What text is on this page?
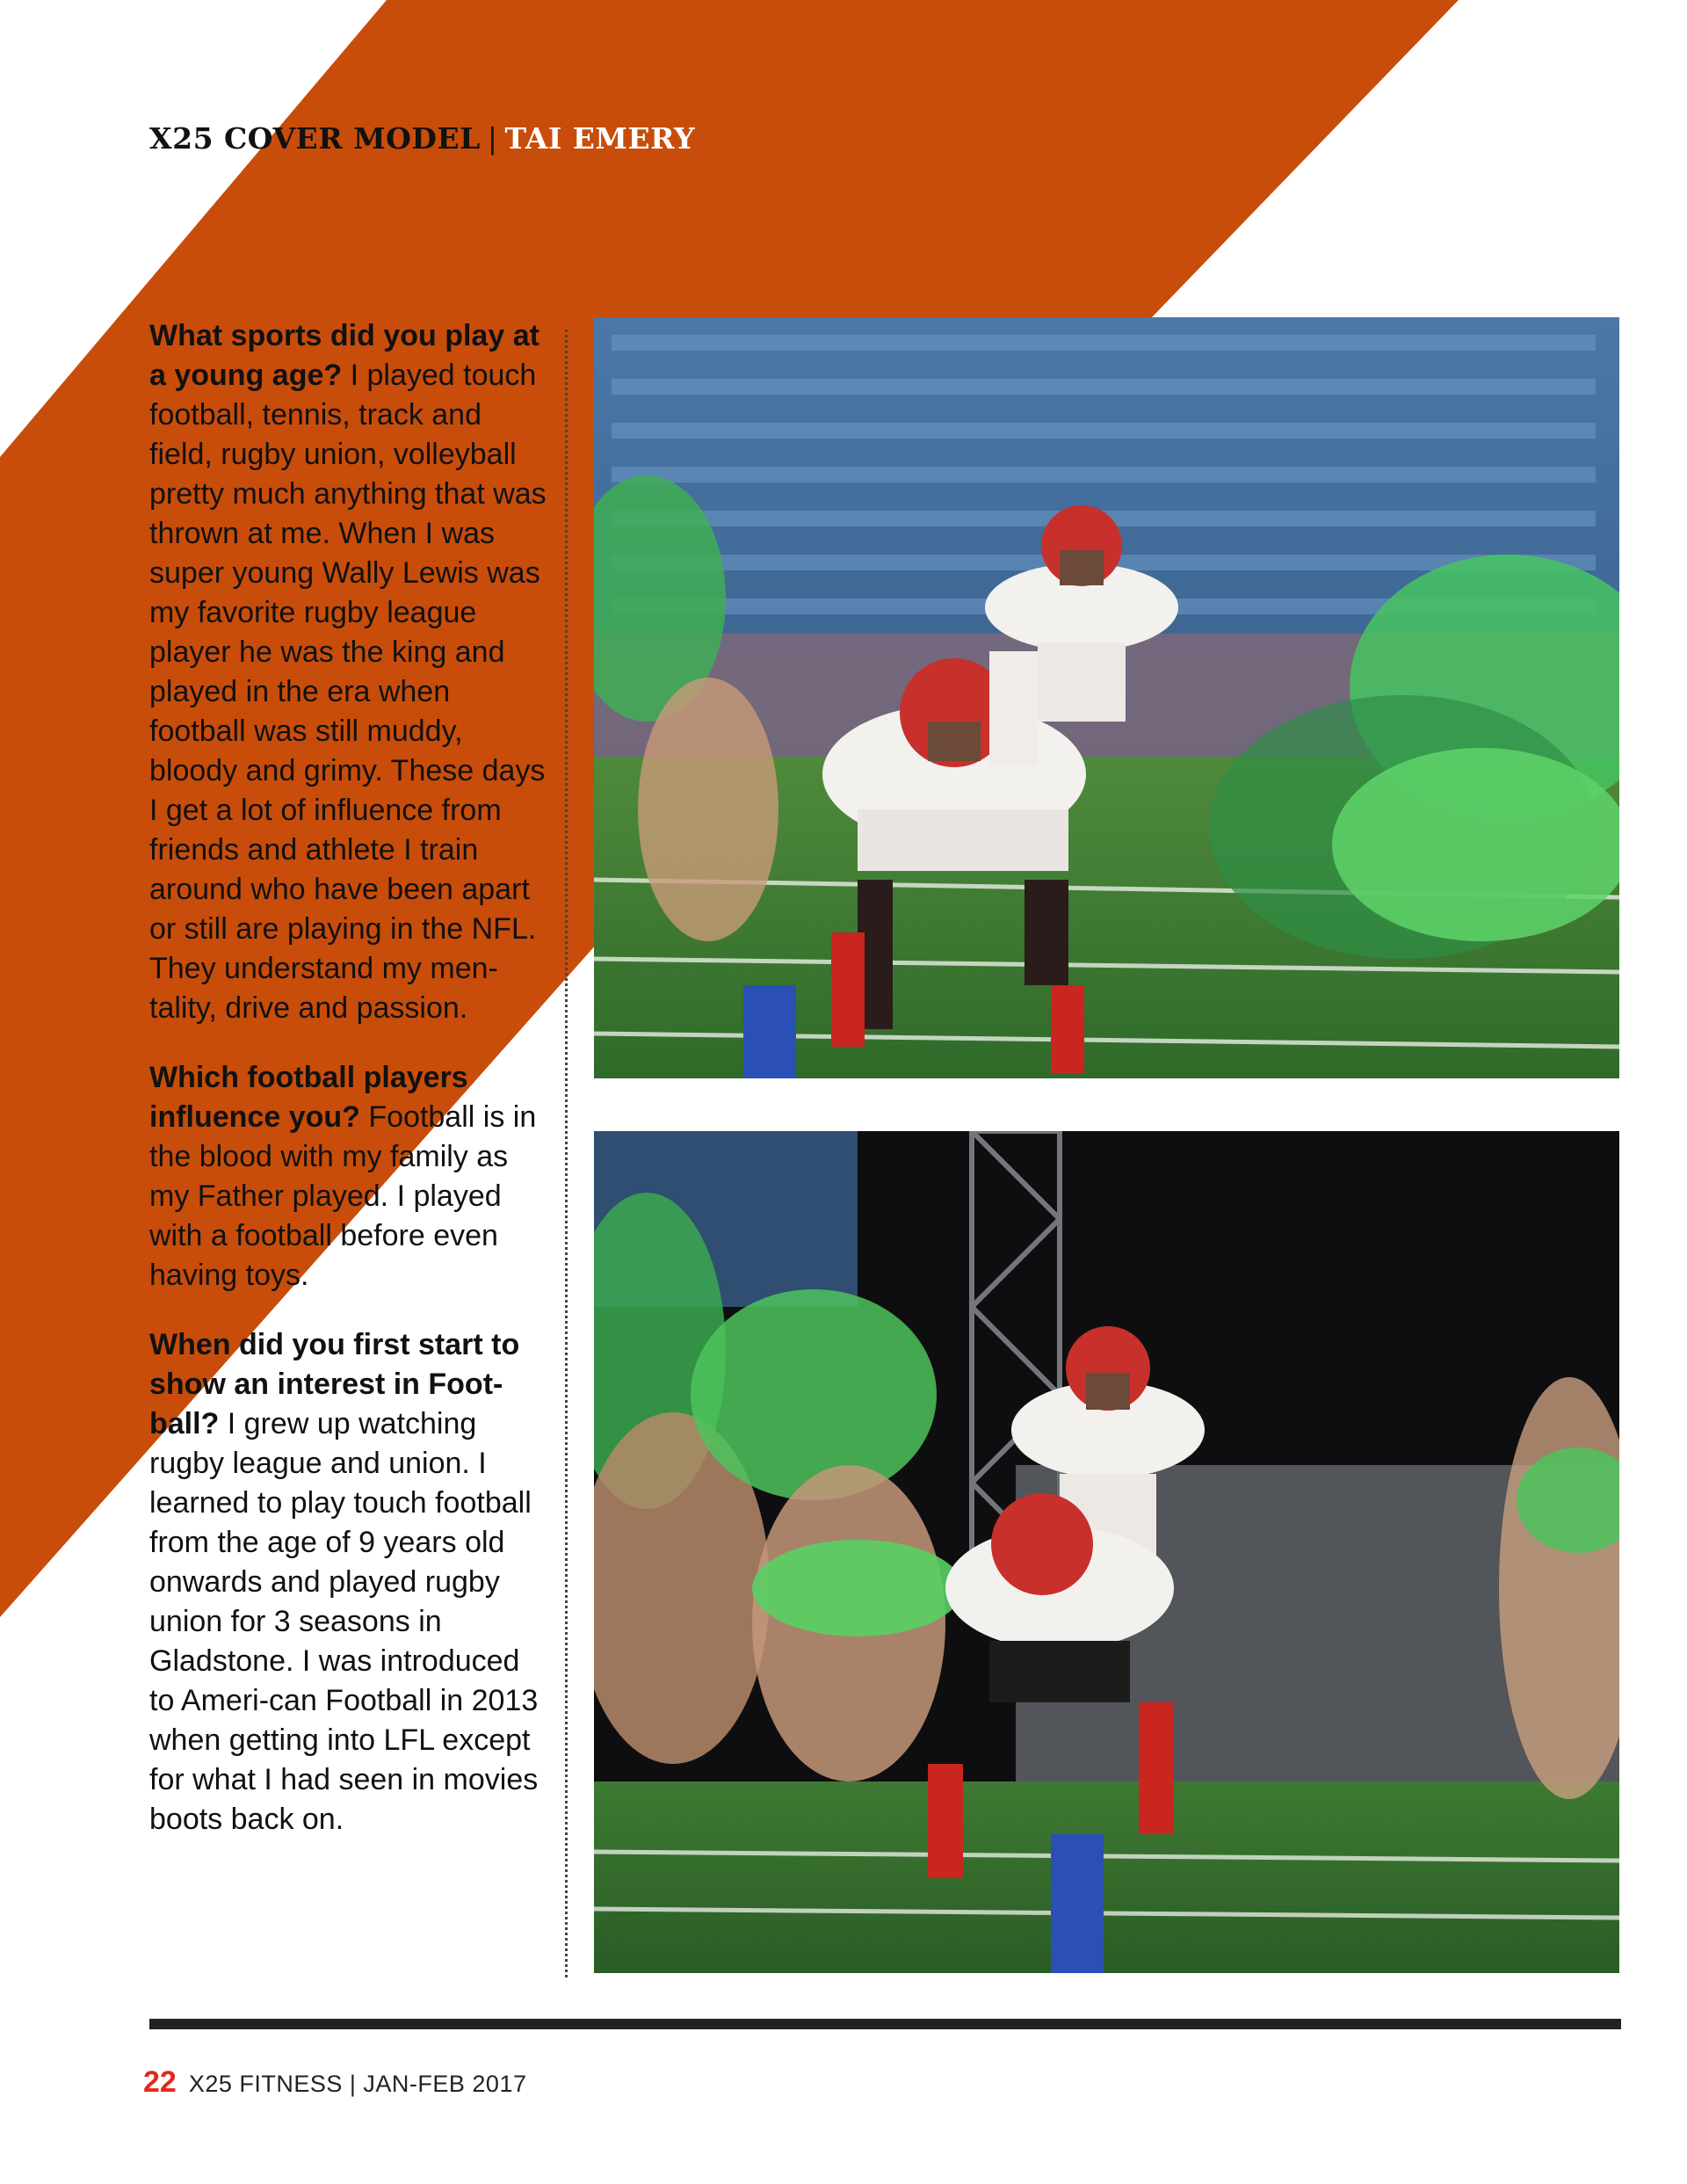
X25 COVER MODEL | TAI EMERY

What sports did you play at a young age? I played touch football, tennis, track and field, rugby union, volleyball pretty much anything that was thrown at me. When I was super young Wally Lewis was my favorite rugby league player he was the king and played in the era when football was still muddy, bloody and grimy. These days I get a lot of influence from friends and athlete I train around who have been apart or still are playing in the NFL. They understand my men-tality, drive and passion.

Which football players influence you? Football is in the blood with my family as my Father played. I played with a football before even having toys.

When did you first start to show an interest in Foot-ball? I grew up watching rugby league and union. I learned to play touch football from the age of 9 years old onwards and played rugby union for 3 seasons in Gladstone. I was introduced to Ameri-can Football in 2013 when getting into LFL except for what I had seen in movies boots back on.

22 X25 FITNESS | JAN-FEB 2017
